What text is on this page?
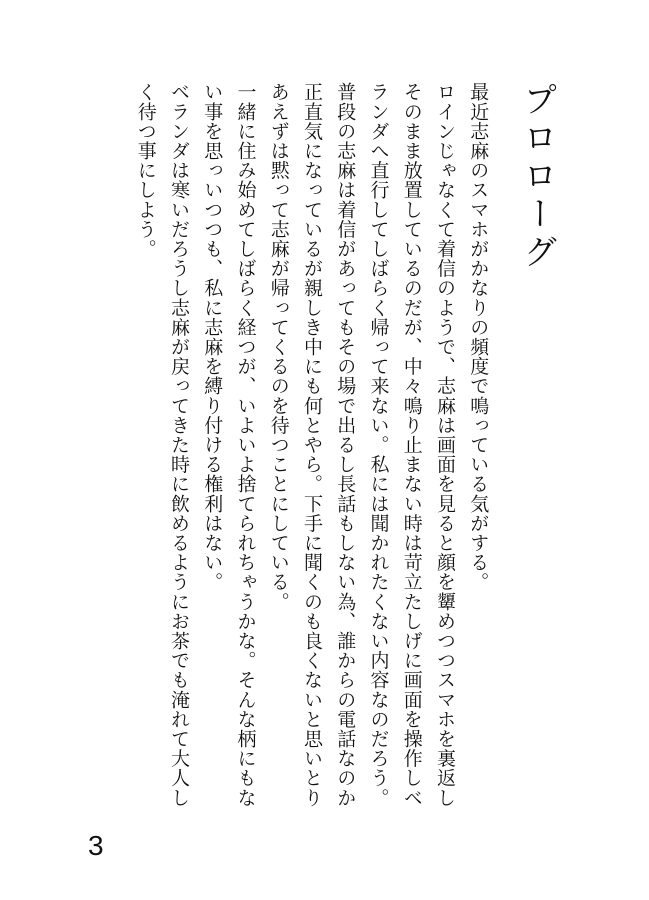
プロローグ

最近志麻のスマホがかなりの頻度で鳴っている気がする。

ロインじゃなくて着信のようで、志麻は画面を見ると顔を顰めつつスマホを裏返しそのまま放置しているのだが、中々鳴り止まない時は苛立たしげに画面を操作しベランダへ直行してしばらく帰って来ない。私には聞かれたくない内容なのだろう。

普段の志麻は着信があってもその場で出るし長話もしない為、誰からの電話なのか正直気になっているが親しき中にも何とやら。下手に聞くのも良くないと思いとりあえずは黙って志麻が帰ってくるのを待つことにしている。

一緒に住み始めてしばらく経つが、いよいよ捨てられちゃうかな。そんな柄にもない事を思っいつつも、私に志麻を縛り付ける権利はない。

ベランダは寒いだろうし志麻が戻ってきた時に飲めるようにお茶でも淹れて大人しく待つ事にしよう。

3
